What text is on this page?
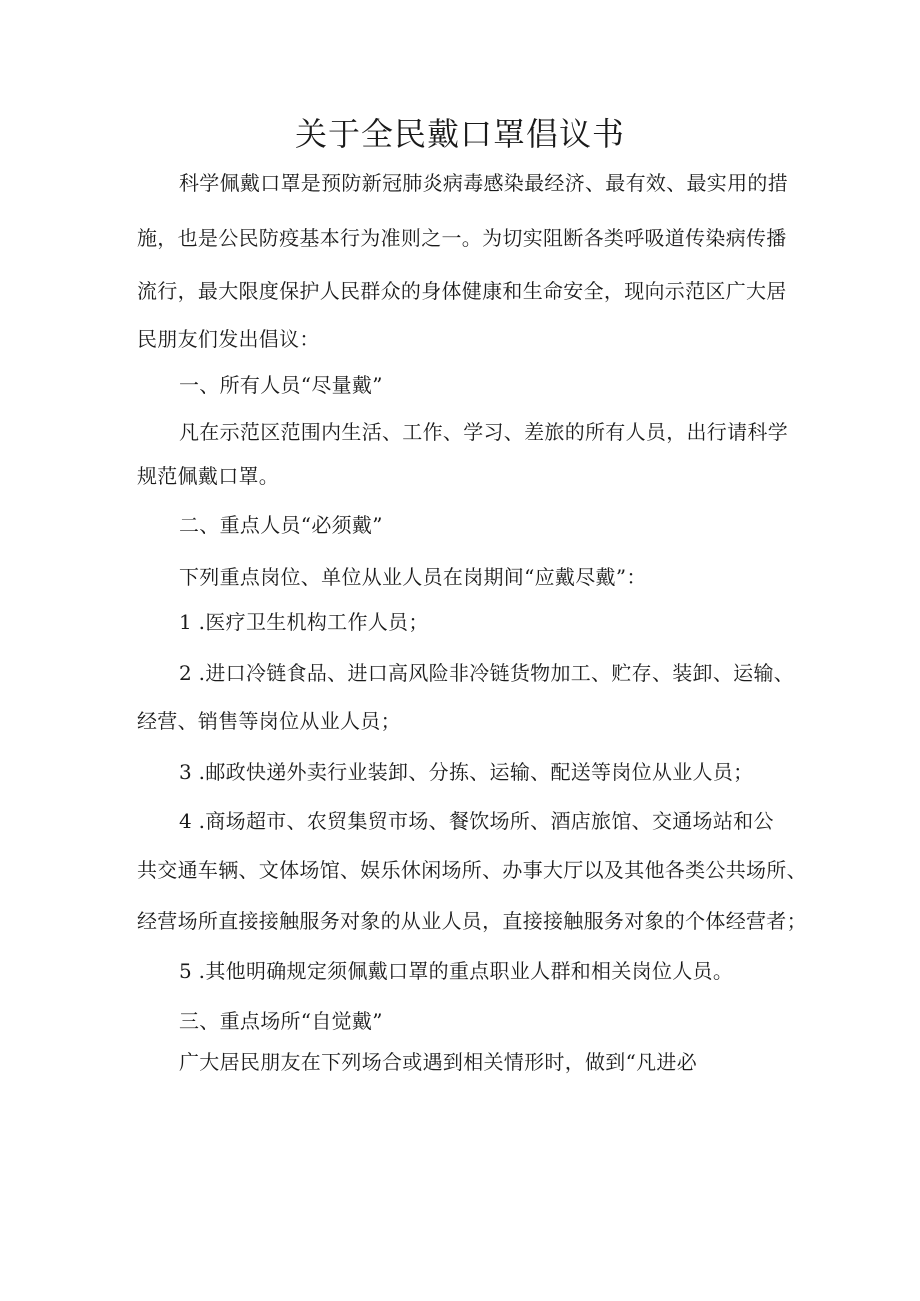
关于全民戴口罩倡议书
科学佩戴口罩是预防新冠肺炎病毒感染最经济、最有效、最实用的措
施，也是公民防疫基本行为准则之一。为切实阻断各类呼吸道传染病传播
流行，最大限度保护人民群众的身体健康和生命安全，现向示范区广大居
民朋友们发出倡议：
一、所有人员“尽量戴”
凡在示范区范围内生活、工作、学习、差旅的所有人员，出行请科学
规范佩戴口罩。
二、重点人员“必须戴”
下列重点岗位、单位从业人员在岗期间“应戴尽戴”：
1 .医疗卫生机构工作人员；
2 .进口冷链食品、进口高风险非冷链货物加工、贮存、装卸、运输、
经营、销售等岗位从业人员；
3 .邮政快递外卖行业装卸、分拣、运输、配送等岗位从业人员；
4 .商场超市、农贸集贸市场、餐饮场所、酒店旅馆、交通场站和公
共交通车辆、文体场馆、娱乐休闲场所、办事大厅以及其他各类公共场所、
经营场所直接接触服务对象的从业人员，直接接触服务对象的个体经营者；
5 .其他明确规定须佩戴口罩的重点职业人群和相关岗位人员。
三、重点场所“自觉戴”
广大居民朋友在下列场合或遇到相关情形时，做到“凡进必
